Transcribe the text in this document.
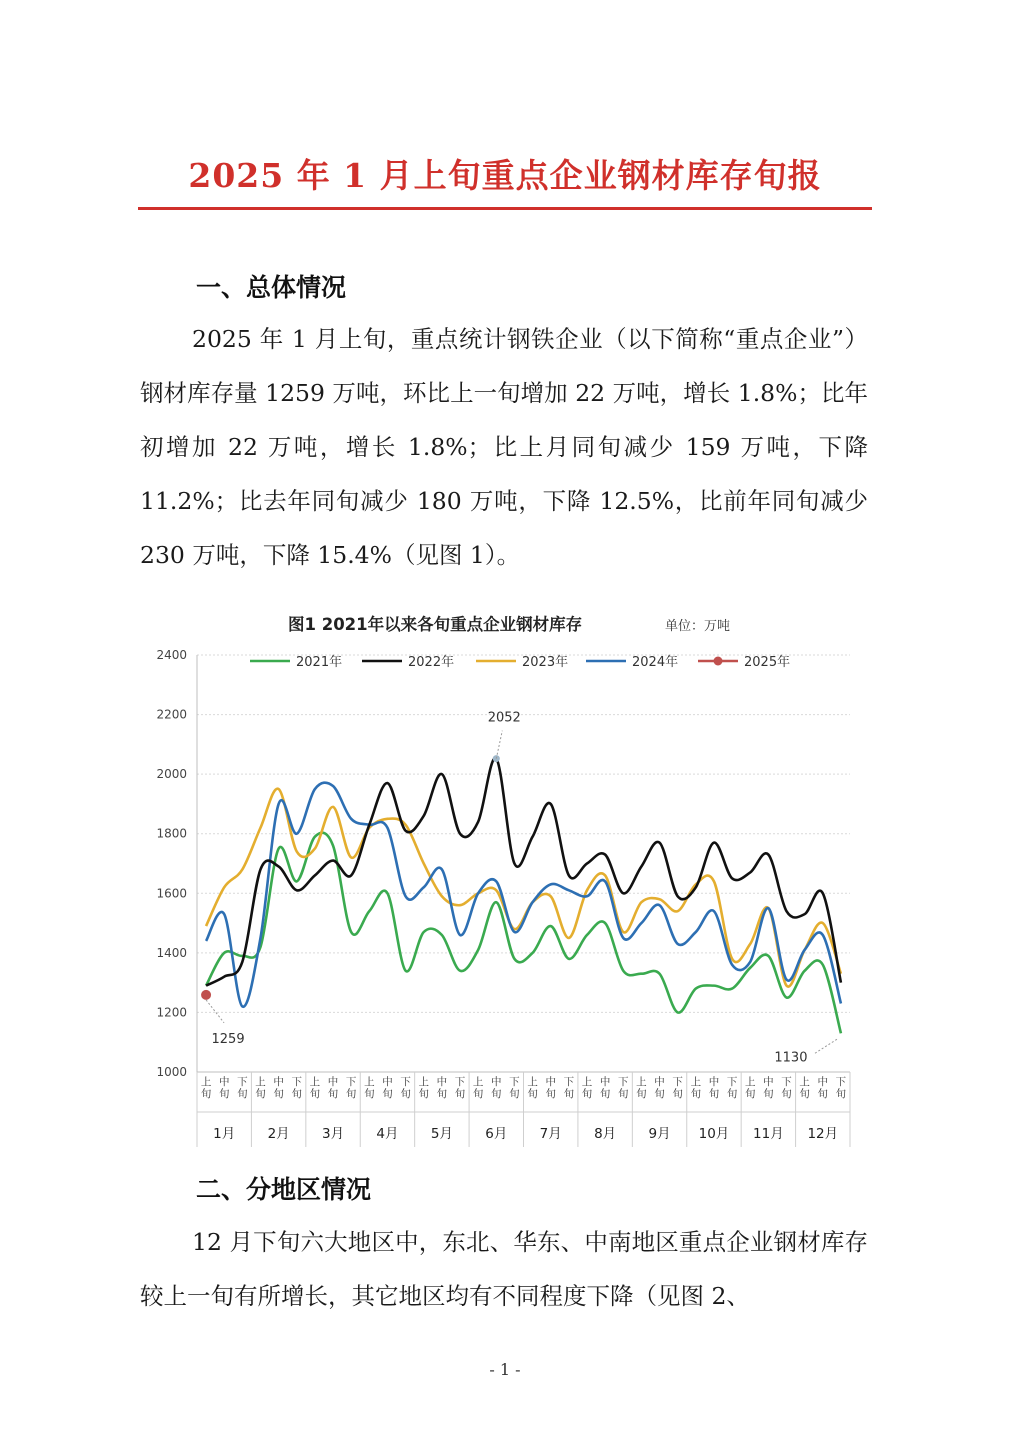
2025 年 1 月上旬重点企业钢材库存旬报
一、总体情况
2025 年 1 月上旬，重点统计钢铁企业（以下简称“重点企业”）钢材库存量 1259 万吨，环比上一旬增加 22 万吨，增长 1.8%；比年初增加 22 万吨，增长 1.8%；比上月同旬减少 159 万吨，下降 11.2%；比去年同旬减少 180 万吨，下降 12.5%，比前年同旬减少 230 万吨，下降 15.4%（见图 1）。
图1 2021年以来各旬重点企业钢材库存	单位：万吨
1000
1200
1400
1600
1800
2000
2200
2400
上旬
中旬
下旬
上旬
中旬
下旬
上旬
中旬
下旬
上旬
中旬
下旬
上旬
中旬
下旬
上旬
中旬
下旬
上旬
中旬
下旬
上旬
中旬
下旬
上旬
中旬
下旬
上旬
中旬
下旬
上旬
中旬
下旬
上旬
中旬
下旬
1月 2月 3月 4月 5月 6月 7月 8月 9月 10月 11月 12月
2052
1259
1130
2021年	2022年	2023年	2024年	2025年
二、分地区情况
12 月下旬六大地区中，东北、华东、中南地区重点企业钢材库存较上一旬有所增长，其它地区均有不同程度下降（见图 2、
- 1 -
